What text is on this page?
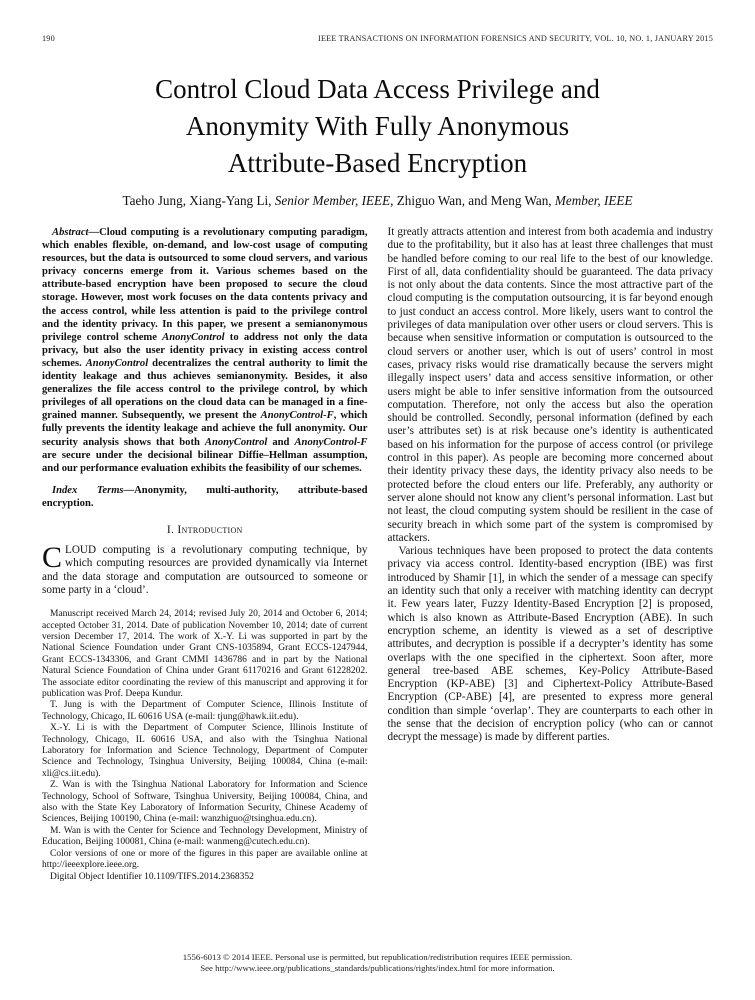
190	IEEE TRANSACTIONS ON INFORMATION FORENSICS AND SECURITY, VOL. 10, NO. 1, JANUARY 2015
Control Cloud Data Access Privilege and
Anonymity With Fully Anonymous
Attribute-Based Encryption
Taeho Jung, Xiang-Yang Li, Senior Member, IEEE, Zhiguo Wan, and Meng Wan, Member, IEEE

Abstract—Cloud computing is a revolutionary computing paradigm, which enables flexible, on-demand, and low-cost usage of computing resources, but the data is outsourced to some cloud servers, and various privacy concerns emerge from it. Various schemes based on the attribute-based encryption have been proposed to secure the cloud storage. However, most work focuses on the data contents privacy and the access control, while less attention is paid to the privilege control and the identity privacy. In this paper, we present a semianonymous privilege control scheme AnonyControl to address not only the data privacy, but also the user identity privacy in existing access control schemes. AnonyControl decentralizes the central authority to limit the identity leakage and thus achieves semianonymity. Besides, it also generalizes the file access control to the privilege control, by which privileges of all operations on the cloud data can be managed in a fine-grained manner. Subsequently, we present the AnonyControl-F, which fully prevents the identity leakage and achieve the full anonymity. Our security analysis shows that both AnonyControl and AnonyControl-F are secure under the decisional bilinear Diffie–Hellman assumption, and our performance evaluation exhibits the feasibility of our schemes.

Index Terms—Anonymity, multi-authority, attribute-based encryption.

I. Introduction

CLOUD computing is a revolutionary computing technique, by which computing resources are provided dynamically via Internet and the data storage and computation are outsourced to someone or some party in a ‘cloud’.

Manuscript received March 24, 2014; revised July 20, 2014 and October 6, 2014; accepted October 31, 2014. Date of publication November 10, 2014; date of current version December 17, 2014. The work of X.-Y. Li was supported in part by the National Science Foundation under Grant CNS-1035894, Grant ECCS-1247944, Grant ECCS-1343306, and Grant CMMI 1436786 and in part by the National Natural Science Foundation of China under Grant 61170216 and Grant 61228202. The associate editor coordinating the review of this manuscript and approving it for publication was Prof. Deepa Kundur.

T. Jung is with the Department of Computer Science, Illinois Institute of Technology, Chicago, IL 60616 USA (e-mail: tjung@hawk.iit.edu).

X.-Y. Li is with the Department of Computer Science, Illinois Institute of Technology, Chicago, IL 60616 USA, and also with the Tsinghua National Laboratory for Information and Science Technology, Department of Computer Science and Technology, Tsinghua University, Beijing 100084, China (e-mail: xli@cs.iit.edu).

Z. Wan is with the Tsinghua National Laboratory for Information and Science Technology, School of Software, Tsinghua University, Beijing 100084, China, and also with the State Key Laboratory of Information Security, Chinese Academy of Sciences, Beijing 100190, China (e-mail: wanzhiguo@tsinghua.edu.cn).

M. Wan is with the Center for Science and Technology Development, Ministry of Education, Beijing 100081, China (e-mail: wanmeng@cutech.edu.cn).

Color versions of one or more of the figures in this paper are available online at http://ieeexplore.ieee.org.

Digital Object Identifier 10.1109/TIFS.2014.2368352

It greatly attracts attention and interest from both academia and industry due to the profitability, but it also has at least three challenges that must be handled before coming to our real life to the best of our knowledge. First of all, data confidentiality should be guaranteed. The data privacy is not only about the data contents. Since the most attractive part of the cloud computing is the computation outsourcing, it is far beyond enough to just conduct an access control. More likely, users want to control the privileges of data manipulation over other users or cloud servers. This is because when sensitive information or computation is outsourced to the cloud servers or another user, which is out of users’ control in most cases, privacy risks would rise dramatically because the servers might illegally inspect users’ data and access sensitive information, or other users might be able to infer sensitive information from the outsourced computation. Therefore, not only the access but also the operation should be controlled. Secondly, personal information (defined by each user’s attributes set) is at risk because one’s identity is authenticated based on his information for the purpose of access control (or privilege control in this paper). As people are becoming more concerned about their identity privacy these days, the identity privacy also needs to be protected before the cloud enters our life. Preferably, any authority or server alone should not know any client’s personal information. Last but not least, the cloud computing system should be resilient in the case of security breach in which some part of the system is compromised by attackers.

Various techniques have been proposed to protect the data contents privacy via access control. Identity-based encryption (IBE) was first introduced by Shamir [1], in which the sender of a message can specify an identity such that only a receiver with matching identity can decrypt it. Few years later, Fuzzy Identity-Based Encryption [2] is proposed, which is also known as Attribute-Based Encryption (ABE). In such encryption scheme, an identity is viewed as a set of descriptive attributes, and decryption is possible if a decrypter’s identity has some overlaps with the one specified in the ciphertext. Soon after, more general tree-based ABE schemes, Key-Policy Attribute-Based Encryption (KP-ABE) [3] and Ciphertext-Policy Attribute-Based Encryption (CP-ABE) [4], are presented to express more general condition than simple ‘overlap’. They are counterparts to each other in the sense that the decision of encryption policy (who can or cannot decrypt the message) is made by different parties.

1556-6013 © 2014 IEEE. Personal use is permitted, but republication/redistribution requires IEEE permission.
See http://www.ieee.org/publications_standards/publications/rights/index.html for more information.
